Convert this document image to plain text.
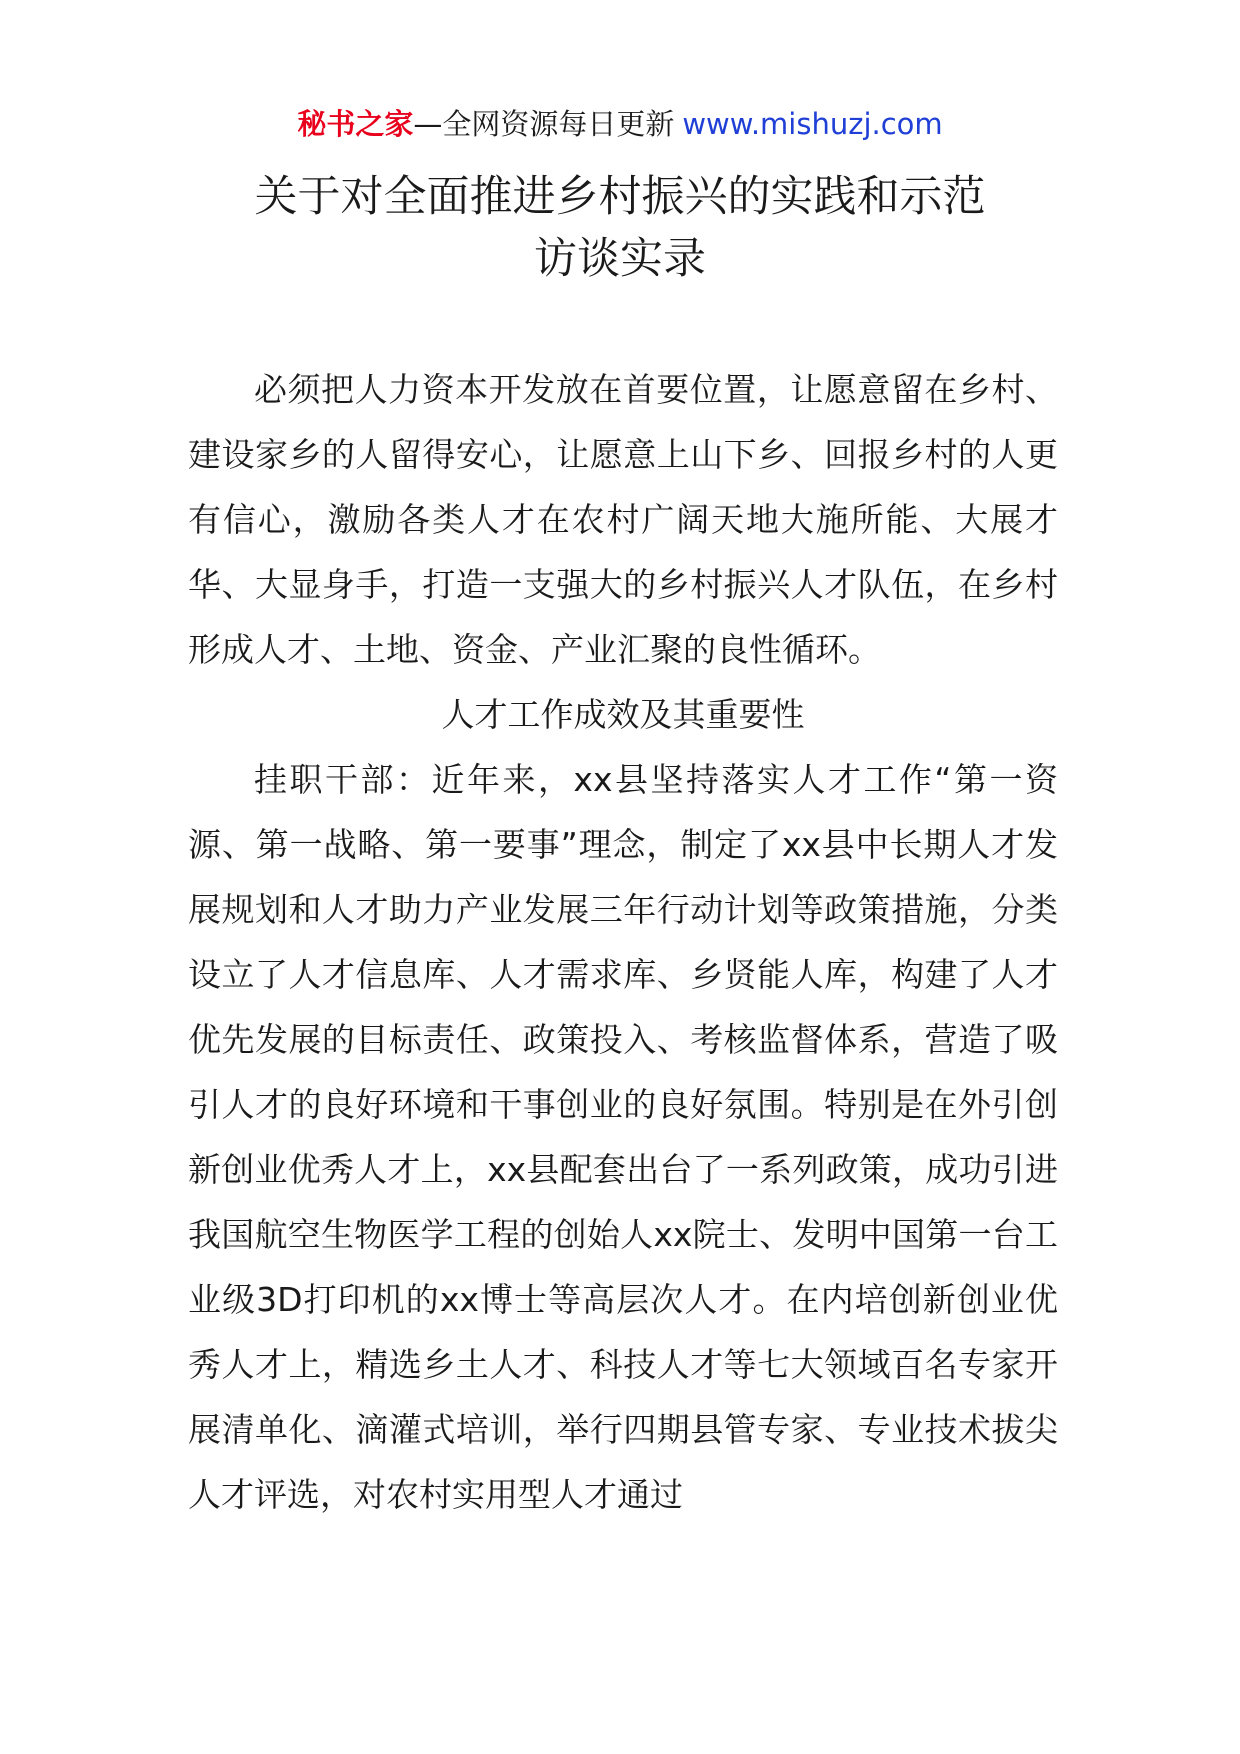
秘书之家—全网资源每日更新 www.mishuzj.com
关于对全面推进乡村振兴的实践和示范
访谈实录

必须把人力资本开发放在首要位置，让愿意留在乡村、建设家乡的人留得安心，让愿意上山下乡、回报乡村的人更有信心，激励各类人才在农村广阔天地大施所能、大展才华、大显身手，打造一支强大的乡村振兴人才队伍，在乡村形成人才、土地、资金、产业汇聚的良性循环。

人才工作成效及其重要性

挂职干部：近年来，xx县坚持落实人才工作“第一资源、第一战略、第一要事”理念，制定了xx县中长期人才发展规划和人才助力产业发展三年行动计划等政策措施，分类设立了人才信息库、人才需求库、乡贤能人库，构建了人才优先发展的目标责任、政策投入、考核监督体系，营造了吸引人才的良好环境和干事创业的良好氛围。特别是在外引创新创业优秀人才上，xx县配套出台了一系列政策，成功引进我国航空生物医学工程的创始人xx院士、发明中国第一台工业级3D打印机的xx博士等高层次人才。在内培创新创业优秀人才上，精选乡土人才、科技人才等七大领域百名专家开展清单化、滴灌式培训，举行四期县管专家、专业技术拔尖人才评选，对农村实用型人才通过
